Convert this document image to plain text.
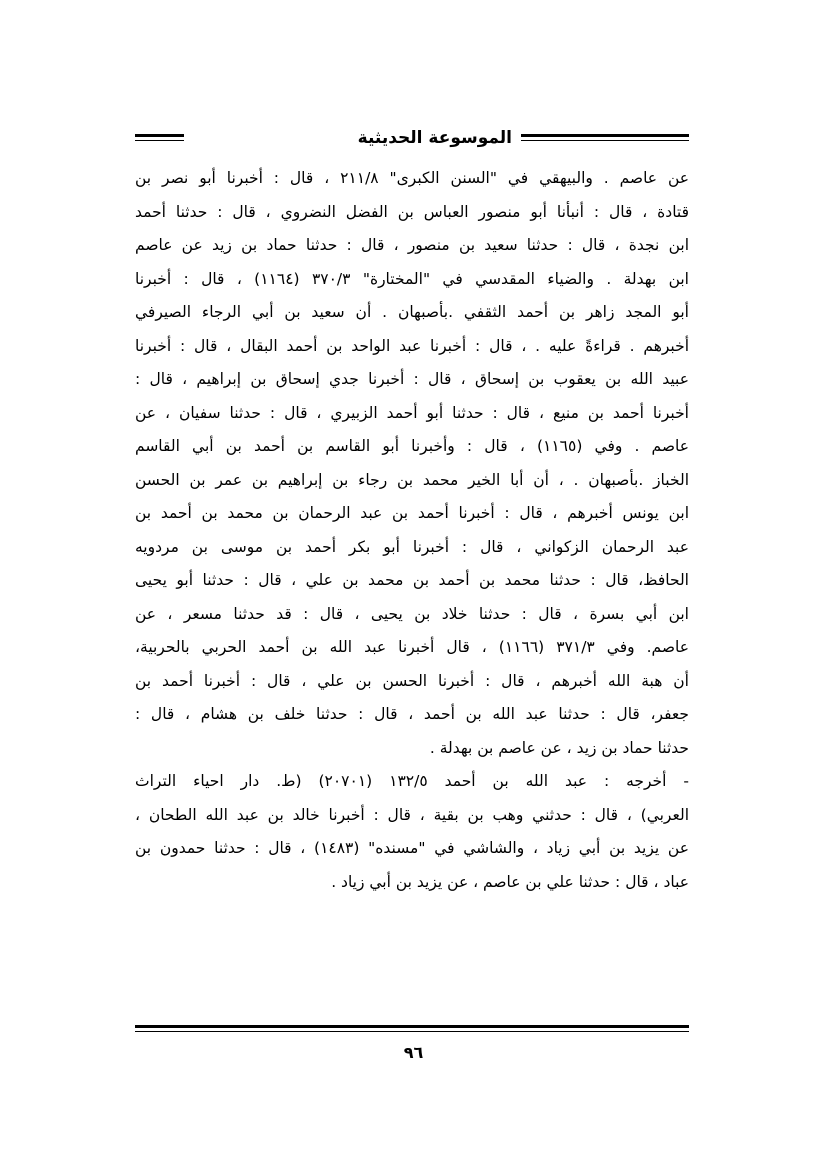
الموسوعة الحديثية
عن عاصم . والبيهقي في "السنن الكبرى" ٢١١/٨ ، قال : أخبرنا أبو نصر بن
قتادة ، قال : أنبأنا أبو منصور العباس بن الفضل النضروي ، قال : حدثنا أحمد
ابن نجدة ، قال : حدثنا سعيد بن منصور ، قال : حدثنا حماد بن زيد عن عاصم
ابن بهدلة . والضياء المقدسي في "المختارة" ٣٧٠/٣ (١١٦٤) ، قال : أخبرنا
أبو المجد زاهر بن أحمد الثقفي .بأصبهان . أن سعيد بن أبي الرجاء الصيرفي
أخبرهم . قراءةً عليه . ، قال : أخبرنا عبد الواحد بن أحمد البقال ، قال : أخبرنا
عبيد الله بن يعقوب بن إسحاق ، قال : أخبرنا جدي إسحاق بن إبراهيم ، قال :
أخبرنا أحمد بن منيع ، قال : حدثنا أبو أحمد الزبيري ، قال : حدثنا سفيان ، عن
عاصم . وفي (١١٦٥) ، قال : وأخبرنا أبو القاسم بن أحمد بن أبي القاسم
الخباز .بأصبهان . ، أن أبا الخير محمد بن رجاء بن إبراهيم بن عمر بن الحسن
ابن يونس أخبرهم ، قال : أخبرنا أحمد بن عبد الرحمان بن محمد بن أحمد بن
عبد الرحمان الزكواني ، قال : أخبرنا أبو بكر أحمد بن موسى بن مردويه
الحافظ، قال : حدثنا محمد بن أحمد بن محمد بن علي ، قال : حدثنا أبو يحيى
ابن أبي بسرة ، قال : حدثنا خلاد بن يحيى ، قال : قد حدثنا مسعر ، عن
عاصم. وفي ٣٧١/٣ (١١٦٦) ، قال أخبرنا عبد الله بن أحمد الحربي بالحربية،
أن هبة الله أخبرهم ، قال : أخبرنا الحسن بن علي ، قال : أخبرنا أحمد بن
جعفر، قال : حدثنا عبد الله بن أحمد ، قال : حدثنا خلف بن هشام ، قال :
حدثنا حماد بن زيد ، عن عاصم بن بهدلة .
- أخرجه : عبد الله بن أحمد ١٣٢/٥ (٢٠٧٠١) (ط. دار احياء التراث
العربي) ، قال : حدثني وهب بن بقية ، قال : أخبرنا خالد بن عبد الله الطحان ،
عن يزيد بن أبي زياد ، والشاشي في "مسنده" (١٤٨٣) ، قال : حدثنا حمدون بن
عباد ، قال : حدثنا علي بن عاصم ، عن يزيد بن أبي زياد .
٩٦
